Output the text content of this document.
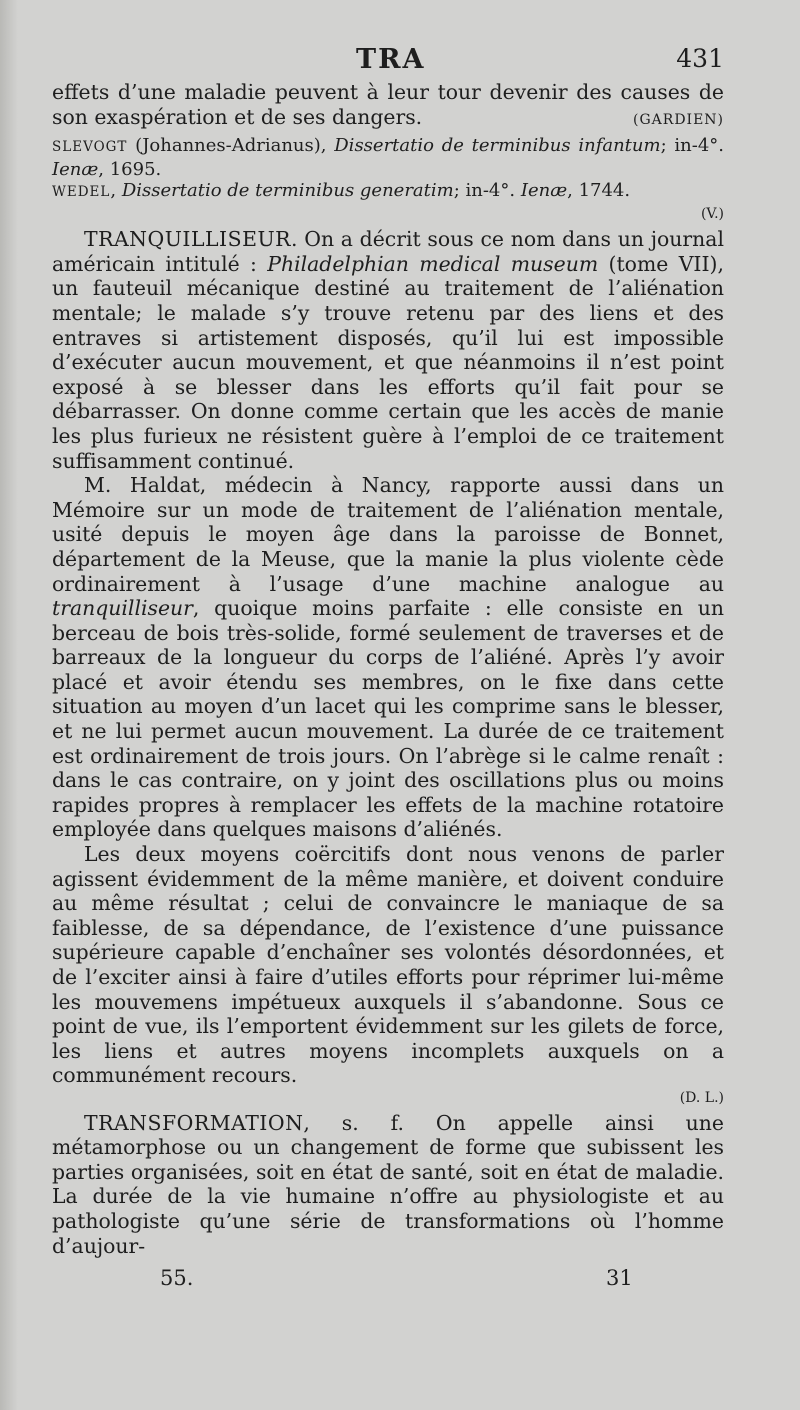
TRA	431

effets d’une maladie peuvent à leur tour devenir des causes de son exaspération et de ses dangers.	(GARDIEN)

SLEVOGT (Johannes-Adrianus), Dissertatio de terminibus infantum; in-4°. Ienæ, 1695.

WEDEL, Dissertatio de terminibus generatim; in-4°. Ienæ, 1744.
(V.)

TRANQUILLISEUR. On a décrit sous ce nom dans un journal américain intitulé : Philadelphian medical museum (tome VII), un fauteuil mécanique destiné au traitement de l’aliénation mentale; le malade s’y trouve retenu par des liens et des entraves si artistement disposés, qu’il lui est impossible d’exécuter aucun mouvement, et que néanmoins il n’est point exposé à se blesser dans les efforts qu’il fait pour se débarrasser. On donne comme certain que les accès de manie les plus furieux ne résistent guère à l’emploi de ce traitement suffisamment continué.

M. Haldat, médecin à Nancy, rapporte aussi dans un Mémoire sur un mode de traitement de l’aliénation mentale, usité depuis le moyen âge dans la paroisse de Bonnet, département de la Meuse, que la manie la plus violente cède ordinairement à l’usage d’une machine analogue au tranquilliseur, quoique moins parfaite : elle consiste en un berceau de bois très-solide, formé seulement de traverses et de barreaux de la longueur du corps de l’aliéné. Après l’y avoir placé et avoir étendu ses membres, on le fixe dans cette situation au moyen d’un lacet qui les comprime sans le blesser, et ne lui permet aucun mouvement. La durée de ce traitement est ordinairement de trois jours. On l’abrège si le calme renaît : dans le cas contraire, on y joint des oscillations plus ou moins rapides propres à remplacer les effets de la machine rotatoire employée dans quelques maisons d’aliénés.

Les deux moyens coërcitifs dont nous venons de parler agissent évidemment de la même manière, et doivent conduire au même résultat ; celui de convaincre le maniaque de sa faiblesse, de sa dépendance, de l’existence d’une puissance supérieure capable d’enchaîner ses volontés désordonnées, et de l’exciter ainsi à faire d’utiles efforts pour réprimer lui-même les mouvemens impétueux auxquels il s’abandonne. Sous ce point de vue, ils l’emportent évidemment sur les gilets de force, les liens et autres moyens incomplets auxquels on a communément recours.
(D. L.)

TRANSFORMATION, s. f. On appelle ainsi une métamorphose ou un changement de forme que subissent les parties organisées, soit en état de santé, soit en état de maladie. La durée de la vie humaine n’offre au physiologiste et au pathologiste qu’une série de transformations où l’homme d’aujour-

55.	31
